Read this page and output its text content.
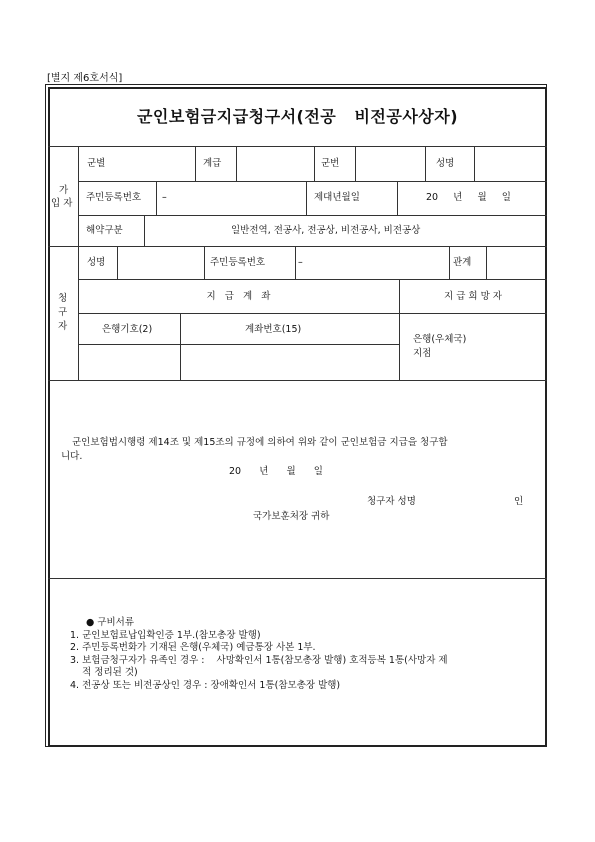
[별지 제6호서식]
군인보험금지급청구서(전공   비전공사상자)
가
입 자
군별	계급	군번	성명
주민등록번호 –	제대년월일	20     년     월     일
해약구분	일반전역, 전공사, 전공상, 비전공사, 비전공상
청
구
자
성명	주민등록번호	–	관계
지   급   계   좌	지 급 희 망 자
은행기호(2)	계좌번호(15)
은행(우체국)
지점
군인보험법시행령 제14조 및 제15조의 규정에 의하여 위와 같이 군인보험금 지급을 청구합
니다.
20      년      월      일
청구자 성명	인
국가보훈처장 귀하
● 구비서류
1. 군인보험료납입확인증 1부.(참모총장 발행)
2. 주민등록번화가 기재된 은행(우체국) 예금통장 사본 1부.
3. 보험금청구자가 유족인 경우 :    사망확인서 1통(참모총장 발행) 호적등복 1통(사망자 제
적 정리된 것)
4. 전공상 또는 비전공상인 경우 : 장애확인서 1통(참모총장 발행)
